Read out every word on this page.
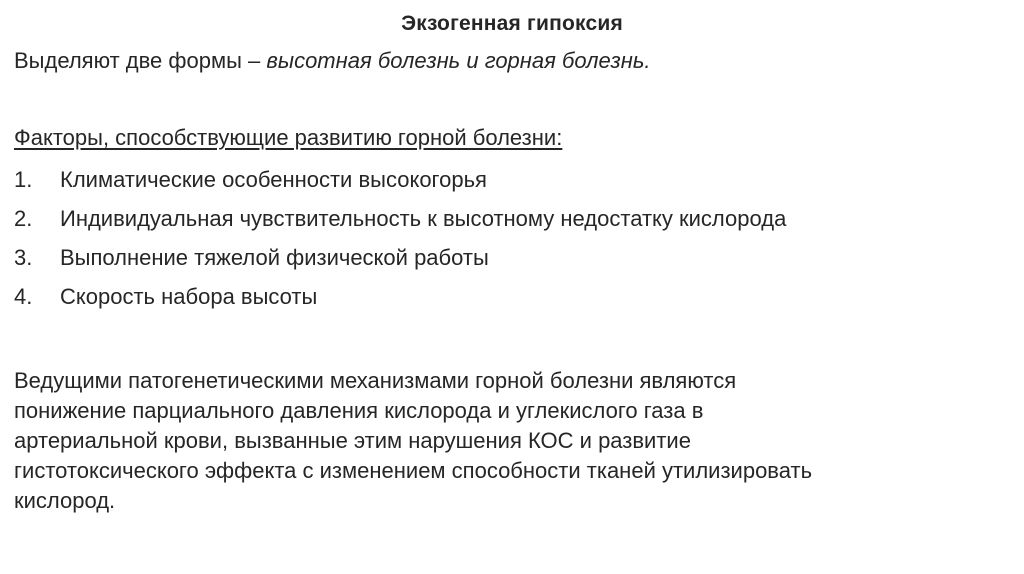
Экзогенная гипоксия
Выделяют две формы – высотная болезнь и горная болезнь.
Факторы, способствующие развитию горной болезни:
1.	Климатические особенности высокогорья
2.	Индивидуальная чувствительность к высотному недостатку кислорода
3.	Выполнение тяжелой физической работы
4.	Скорость набора высоты
Ведущими патогенетическими механизмами горной болезни являются
понижение парциального давления кислорода и углекислого газа в
артериальной крови, вызванные этим нарушения КОС и развитие
гистотоксического эффекта с изменением способности тканей утилизировать
кислород.
